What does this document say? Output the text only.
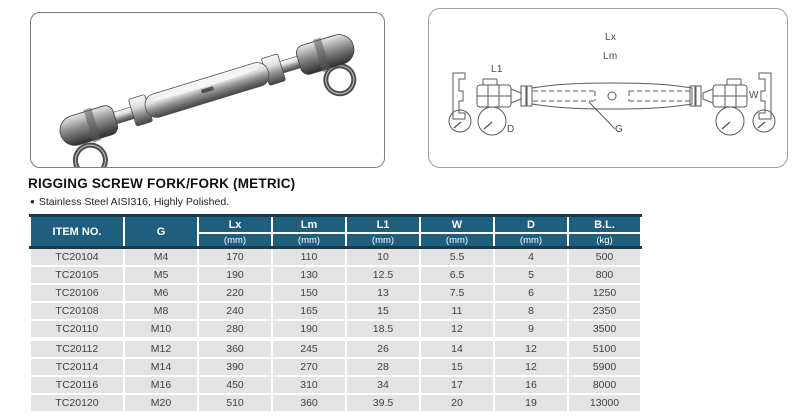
Lx
Lm
L1
W
D	G
RIGGING SCREW FORK/FORK (METRIC)
● Stainless Steel AISI316, Highly Polished.
ITEM NO.	G	Lx	Lm	L1	W	D	B.L.
		(mm)	(mm)	(mm)	(mm)	(mm)	(kg)
TC20104	M4	170	110	10	5.5	4	500
TC20105	M5	190	130	12.5	6.5	5	800
TC20106	M6	220	150	13	7.5	6	1250
TC20108	M8	240	165	15	11	8	2350
TC20110	M10	280	190	18.5	12	9	3500
TC20112	M12	360	245	26	14	12	5100
TC20114	M14	390	270	28	15	12	5900
TC20116	M16	450	310	34	17	16	8000
TC20120	M20	510	360	39.5	20	19	13000
